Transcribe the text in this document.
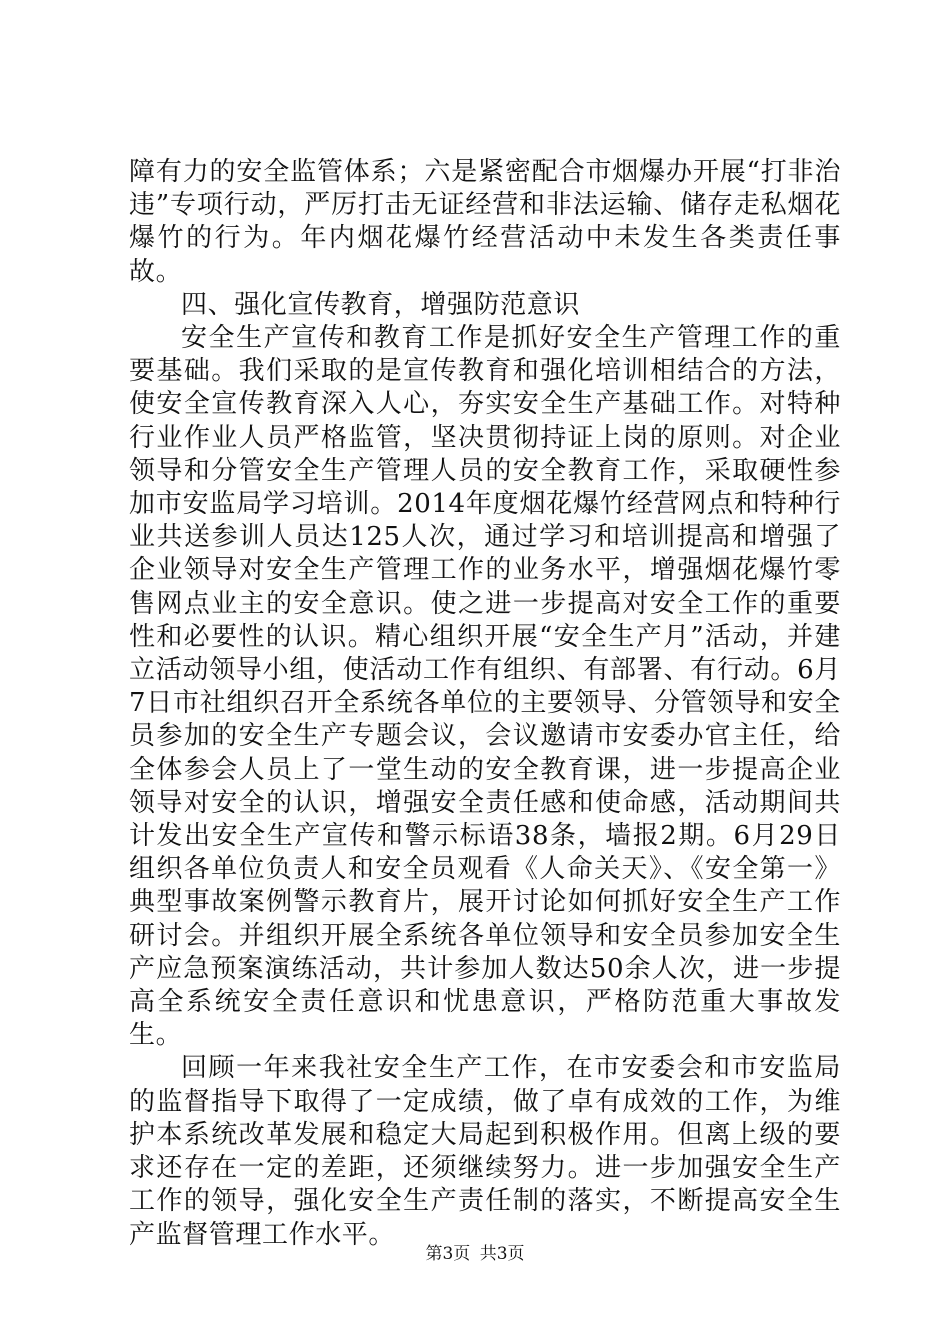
障有力的安全监管体系；六是紧密配合市烟爆办开展“打非治违”专项行动，严厉打击无证经营和非法运输、储存走私烟花爆竹的行为。年内烟花爆竹经营活动中未发生各类责任事故。

四、强化宣传教育，增强防范意识

安全生产宣传和教育工作是抓好安全生产管理工作的重要基础。我们采取的是宣传教育和强化培训相结合的方法，使安全宣传教育深入人心，夯实安全生产基础工作。对特种行业作业人员严格监管，坚决贯彻持证上岗的原则。对企业领导和分管安全生产管理人员的安全教育工作，采取硬性参加市安监局学习培训。2014年度烟花爆竹经营网点和特种行业共送参训人员达125人次，通过学习和培训提高和增强了企业领导对安全生产管理工作的业务水平，增强烟花爆竹零售网点业主的安全意识。使之进一步提高对安全工作的重要性和必要性的认识。精心组织开展“安全生产月”活动，并建立活动领导小组，使活动工作有组织、有部署、有行动。6月7日市社组织召开全系统各单位的主要领导、分管领导和安全员参加的安全生产专题会议，会议邀请市安委办官主任，给全体参会人员上了一堂生动的安全教育课，进一步提高企业领导对安全的认识，增强安全责任感和使命感，活动期间共计发出安全生产宣传和警示标语38条，墙报2期。6月29日组织各单位负责人和安全员观看《人命关天》、《安全第一》典型事故案例警示教育片，展开讨论如何抓好安全生产工作研讨会。并组织开展全系统各单位领导和安全员参加安全生产应急预案演练活动，共计参加人数达50余人次，进一步提高全系统安全责任意识和忧患意识，严格防范重大事故发生。

回顾一年来我社安全生产工作，在市安委会和市安监局的监督指导下取得了一定成绩，做了卓有成效的工作，为维护本系统改革发展和稳定大局起到积极作用。但离上级的要求还存在一定的差距，还须继续努力。进一步加强安全生产工作的领导，强化安全生产责任制的落实，不断提高安全生产监督管理工作水平。

第3页 共3页
